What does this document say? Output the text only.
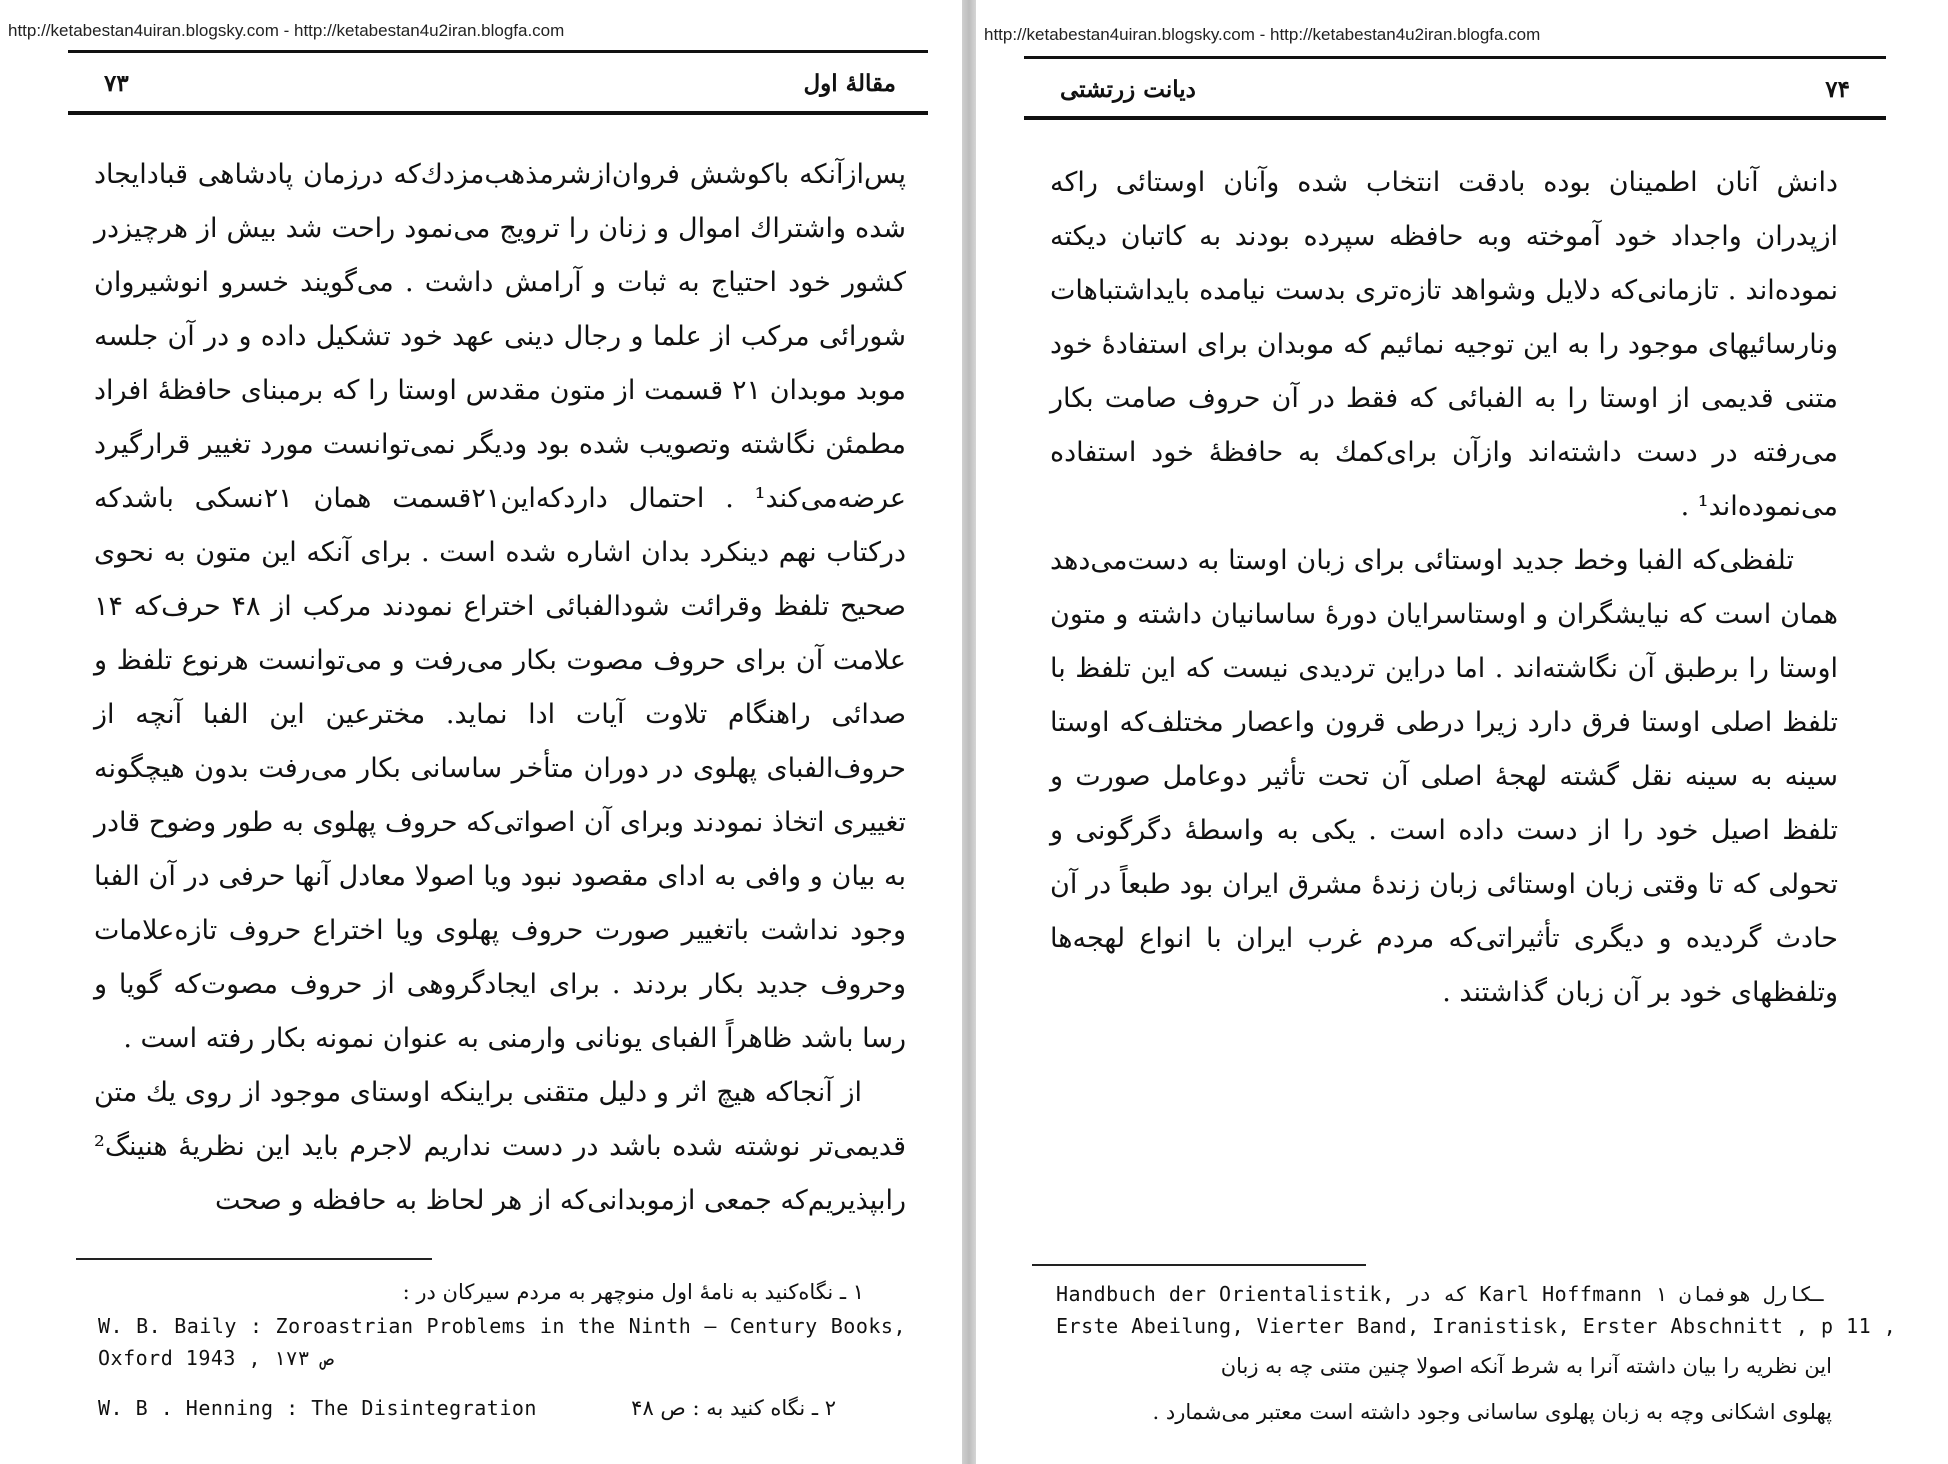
http://ketabestan4uiran.blogsky.com - http://ketabestan4u2iran.blogfa.com
۷۳	مقالهٔ اول

پس‌ازآنکه باکوشش فروان‌ازشرمذهب‌مزدك‌که درزمان پادشاهی قبادایجاد شده واشتراك اموال و زنان را ترویج می‌نمود راحت شد بیش از هرچیزدر کشور خود احتیاج به ثبات و آرامش داشت . می‌گویند خسرو انوشیروان شورائی مرکب از علما و رجال دینی عهد خود تشکیل داده و در آن جلسه موبد موبدان ۲۱ قسمت از متون مقدس اوستا را که برمبنای حافظهٔ افراد مطمئن نگاشته وتصویب شده بود ودیگر نمی‌توانست مورد تغییر قرارگیرد عرضه‌می‌کند¹ . احتمال داردکه‌این۲۱قسمت همان ۲۱نسکی باشدکه درکتاب نهم دینکرد بدان اشاره شده است . برای آنکه این متون به نحوی صحیح تلفظ وقرائت شودالفبائی اختراع نمودند مرکب از ۴۸ حرف‌که ۱۴ علامت آن برای حروف مصوت بکار می‌رفت و می‌توانست هرنوع تلفظ و صدائی راهنگام تلاوت آیات ادا نماید. مخترعین این الفبا آنچه از حروف‌الفبای پهلوی در دوران متأخر ساسانی بکار می‌رفت بدون هیچگونه تغییری اتخاذ نمودند وبرای آن اصواتی‌که حروف پهلوی به طور وضوح قادر به بیان و وافی به ادای مقصود نبود ویا اصولا معادل آنها حرفی در آن الفبا وجود نداشت باتغییر صورت حروف پهلوی ویا اختراع حروف تازه‌علامات وحروف جدید بکار بردند . برای ایجادگروهی از حروف مصوت‌که گویا و رسا باشد ظاهراً الفبای یونانی وارمنی به عنوان نمونه بکار رفته است .

از آنجاکه هیچ اثر و دلیل متقنی براینکه اوستای موجود از روی یك متن قدیمی‌تر نوشته شده باشد در دست نداریم لاجرم باید این نظریهٔ هنینگ² رابپذیریم‌که جمعی ازموبدانی‌که از هر لحاظ به حافظه و صحت

۱ ـ نگاه‌کنید به نامهٔ اول منوچهر به مردم سیرکان در :
W. B. Baily : Zoroastrian Problems in the Ninth – Century Books,
Oxford 1943 , ص ۱۷۳
۲ ـ نگاه کنید به : ص ۴۸
W. B . Henning : The Disintegration
http://ketabestan4uiran.blogsky.com - http://ketabestan4u2iran.blogfa.com
۷۴
دیانت زرتشتی

دانش آنان اطمینان بوده بادقت انتخاب شده وآنان اوستائی راکه ازپدران واجداد خود آموخته وبه حافظه سپرده بودند به کاتبان دیکته نموده‌اند . تازمانی‌که دلایل وشواهد تازه‌تری بدست نیامده بایداشتباهات ونارسائیهای موجود را به این توجیه نمائیم که موبدان برای استفادهٔ خود متنی قدیمی از اوستا را به الفبائی که فقط در آن حروف صامت بکار می‌رفته در دست داشته‌اند وازآن برای‌کمك به حافظهٔ خود استفاده می‌نموده‌اند¹ .

تلفظی‌که الفبا وخط جدید اوستائی برای زبان اوستا به دست‌می‌دهد همان است که نیایشگران و اوستاسرایان دورهٔ ساسانیان داشته و متون اوستا را برطبق آن نگاشته‌اند . اما دراین تردیدی نیست که این تلفظ با تلفظ اصلی اوستا فرق دارد زیرا درطی قرون واعصار مختلف‌که اوستا سینه به سینه نقل گشته لهجهٔ اصلی آن تحت تأثیر دوعامل صورت و تلفظ اصیل خود را از دست داده است . یکی به واسطهٔ دگرگونی و تحولی که تا وقتی زبان اوستائی زبان زندهٔ مشرق ایران بود طبعاً در آن حادث گردیده و دیگری تأثیراتی‌که مردم غرب ایران با انواع لهجه‌ها وتلفظهای خود بر آن زبان گذاشتند .

Handbuch der Orientalistik, که در Karl Hoffmann ۱ ـکارل هوفمان
Erste Abeilung, Vierter Band, Iranistisk, Erster Abschnitt , p 11 ,
این نظریه را بیان داشته آنرا به شرط آنکه اصولا چنین متنی چه به زبان
پهلوی اشکانی وچه به زبان پهلوی ساسانی وجود داشته است معتبر می‌شمارد .
